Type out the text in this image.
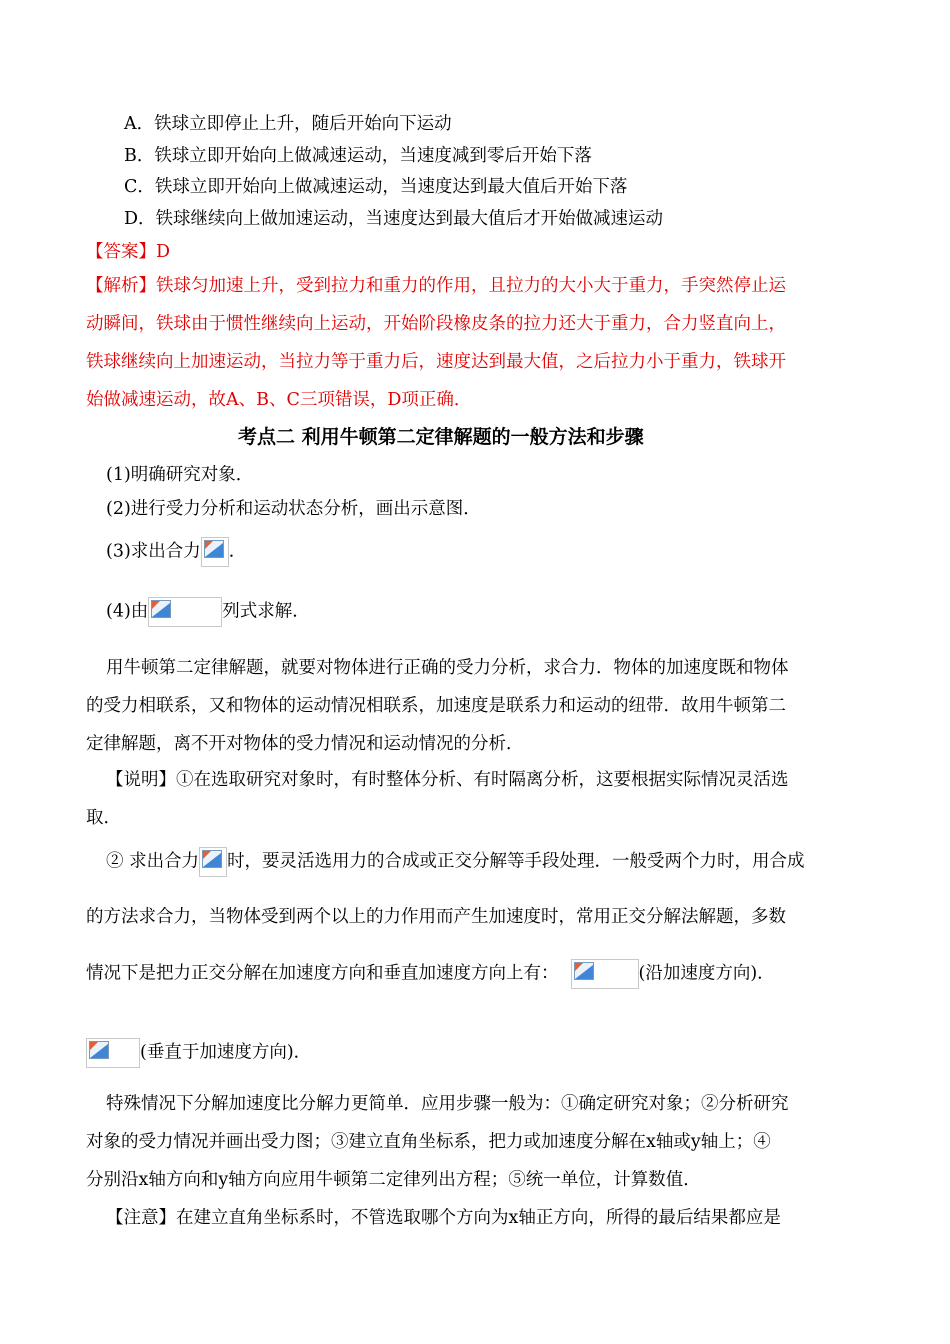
A．铁球立即停止上升，随后开始向下运动
B．铁球立即开始向上做减速运动，当速度减到零后开始下落
C．铁球立即开始向上做减速运动，当速度达到最大值后开始下落
D．铁球继续向上做加速运动，当速度达到最大值后才开始做减速运动
【答案】D
【解析】铁球匀加速上升，受到拉力和重力的作用，且拉力的大小大于重力，手突然停止运
动瞬间，铁球由于惯性继续向上运动，开始阶段橡皮条的拉力还大于重力，合力竖直向上，
铁球继续向上加速运动，当拉力等于重力后，速度达到最大值，之后拉力小于重力，铁球开
始做减速运动，故A、B、C三项错误，D项正确．
考点二 利用牛顿第二定律解题的一般方法和步骤
(1)明确研究对象．
(2)进行受力分析和运动状态分析，画出示意图．
(3)求出合力 ．
(4)由	列式求解．
用牛顿第二定律解题，就要对物体进行正确的受力分析，求合力．物体的加速度既和物体
的受力相联系，又和物体的运动情况相联系，加速度是联系力和运动的纽带．故用牛顿第二
定律解题，离不开对物体的受力情况和运动情况的分析．
【说明】①在选取研究对象时，有时整体分析、有时隔离分析，这要根据实际情况灵活选
取．
② 求出合力 时，要灵活选用力的合成或正交分解等手段处理．一般受两个力时，用合成
的方法求合力，当物体受到两个以上的力作用而产生加速度时，常用正交分解法解题，多数
情况下是把力正交分解在加速度方向和垂直加速度方向上有：	(沿加速度方向)．
(垂直于加速度方向)．
特殊情况下分解加速度比分解力更简单．应用步骤一般为：①确定研究对象；②分析研究
对象的受力情况并画出受力图；③建立直角坐标系，把力或加速度分解在x轴或y轴上；④
分别沿x轴方向和y轴方向应用牛顿第二定律列出方程；⑤统一单位，计算数值．
【注意】在建立直角坐标系时，不管选取哪个方向为x轴正方向，所得的最后结果都应是
